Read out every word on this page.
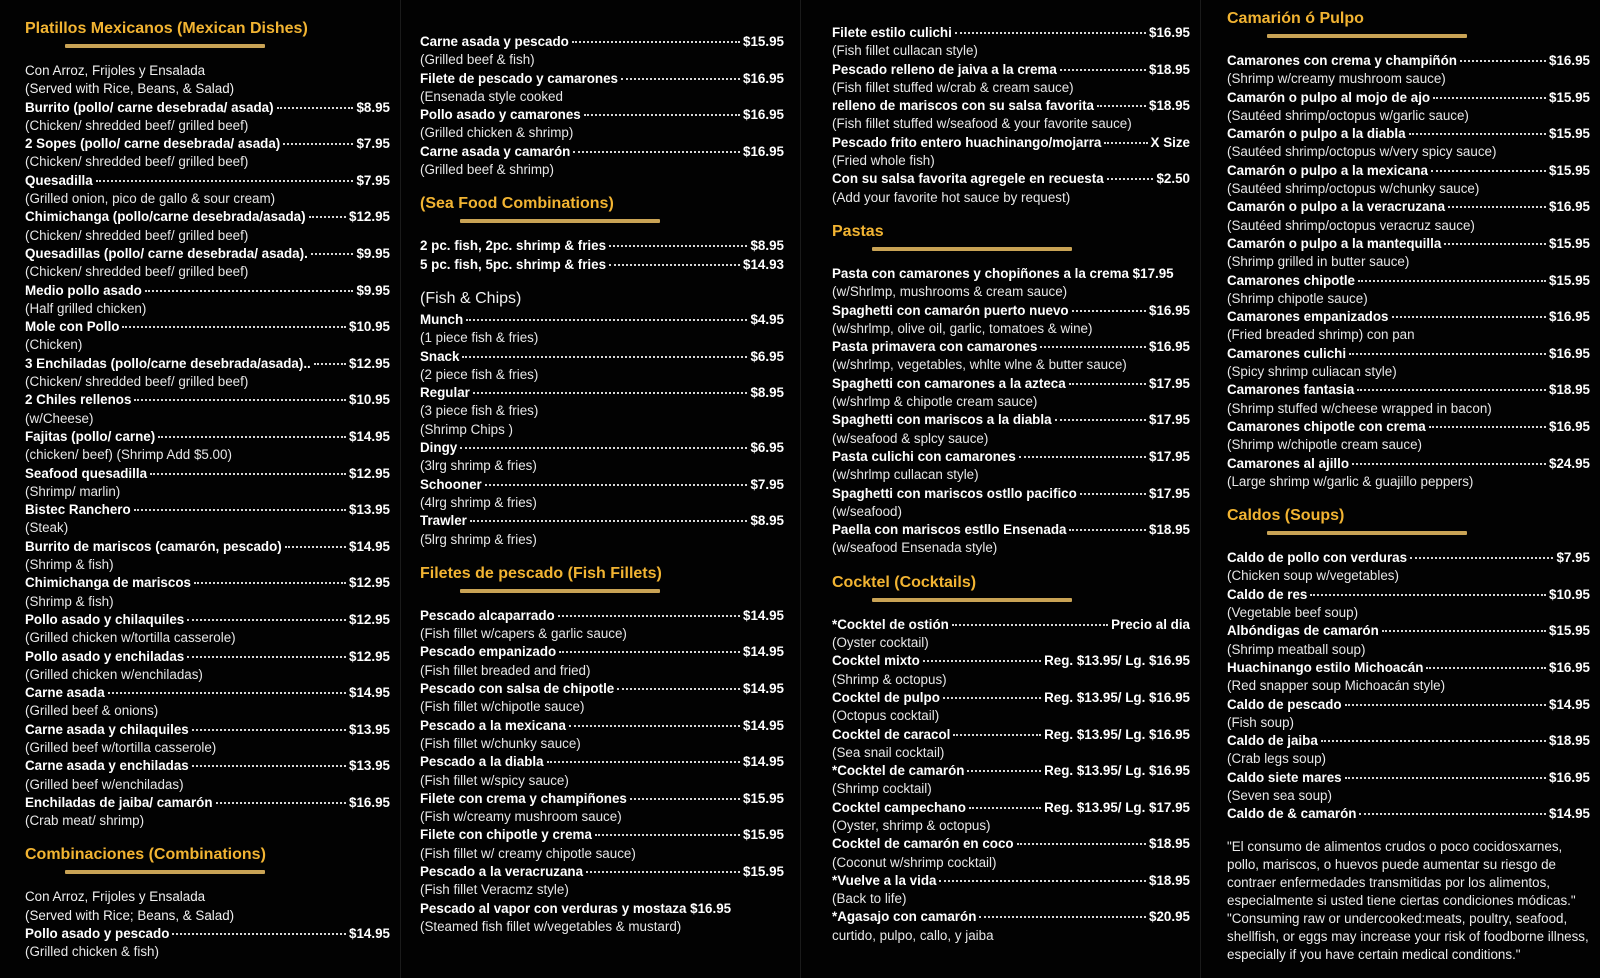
Platillos Mexicanos (Mexican Dishes)
Con Arroz, Frijoles y Ensalada
(Served with Rice, Beans, & Salad)
Burrito (pollo/ carne desebrada/ asada)	$8.95
(Chicken/ shredded beef/ grilled beef)
2 Sopes (pollo/ carne desebrada/ asada)	$7.95
(Chicken/ shredded beef/ grilled beef)
Quesadilla	$7.95
(Grilled onion, pico de gallo & sour cream)
Chimichanga (pollo/carne desebrada/asada)	$12.95
(Chicken/ shredded beef/ grilled beef)
Quesadillas (pollo/ carne desebrada/ asada).	$9.95
(Chicken/ shredded beef/ grilled beef)
Medio pollo asado	$9.95
(Half grilled chicken)
Mole con Pollo	$10.95
(Chicken)
3 Enchiladas (pollo/carne desebrada/asada)..	$12.95
(Chicken/ shredded beef/ grilled beef)
2 Chiles rellenos	$10.95
(w/Cheese)
Fajitas (pollo/ carne)	$14.95
(chicken/ beef) (Shrimp Add $5.00)
Seafood quesadilla	$12.95
(Shrimp/ marlin)
Bistec Ranchero	$13.95
(Steak)
Burrito de mariscos (camarón, pescado)	$14.95
(Shrimp & fish)
Chimichanga de mariscos	$12.95
(Shrimp & fish)
Pollo asado y chilaquiles	$12.95
(Grilled chicken w/tortilla casserole)
Pollo asado y enchiladas	$12.95
(Grilled chicken w/enchiladas)
Carne asada	$14.95
(Grilled beef & onions)
Carne asada y chilaquiles	$13.95
(Grilled beef w/tortilla casserole)
Carne asada y enchiladas	$13.95
(Grilled beef w/enchiladas)
Enchiladas de jaiba/ camarón	$16.95
(Crab meat/ shrimp)
Combinaciones (Combinations)
Con Arroz, Frijoles y Ensalada
(Served with Rice; Beans, & Salad)
Pollo asado y pescado	$14.95
(Grilled chicken & fish)
Carne asada y pescado	$15.95
(Grilled beef & fish)
Filete de pescado y camarones	$16.95
(Ensenada style cooked
Pollo asado y camarones	$16.95
(Grilled chicken & shrimp)
Carne asada y camarón	$16.95
(Grilled beef & shrimp)
(Sea Food Combinations)
2 pc. fish, 2pc. shrimp & fries	$8.95
5 pc. fish, 5pc. shrimp & fries	$14.93
(Fish & Chips)
Munch	$4.95
(1 piece fish & fries)
Snack	$6.95
(2 piece fish & fries)
Regular	$8.95
(3 piece fish & fries)
(Shrimp Chips )
Dingy	$6.95
(3lrg shrimp & fries)
Schooner	$7.95
(4lrg shrimp & fries)
Trawler	$8.95
(5lrg shrimp & fries)
Filetes de pescado (Fish Fillets)
Pescado alcaparrado	$14.95
(Fish fillet w/capers & garlic sauce)
Pescado empanizado	$14.95
(Fish fillet breaded and fried)
Pescado con salsa de chipotle	$14.95
(Fish fillet w/chipotle sauce)
Pescado a la mexicana	$14.95
(Fish fillet w/chunky sauce)
Pescado a la diabla	$14.95
(Fish fillet w/spicy sauce)
Filete con crema y champiñones	$15.95
(Fish w/creamy mushroom sauce)
Filete con chipotle y crema	$15.95
(Fish fillet w/ creamy chipotle sauce)
Pescado a la veracruzana	$15.95
(Fish fillet Veracmz style)
Pescado al vapor con verduras y mostaza $16.95
(Steamed fish fillet w/vegetables & mustard)
Filete estilo culichi	$16.95
(Fish fillet cullacan style)
Pescado relleno de jaiva a la crema	$18.95
(Fish fillet stuffed w/crab & cream sauce)
relleno de mariscos con su salsa favorita	$18.95
(Fish fillet stuffed w/seafood & your favorite sauce)
Pescado frito entero huachinango/mojarra	X Size
(Fried whole fish)
Con su salsa favorita agregele en recuesta	$2.50
(Add your favorite hot sauce by request)
Pastas
Pasta con camarones y chopiñones a la crema $17.95
(w/Shrlmp, mushrooms & cream sauce)
Spaghetti con camarón puerto nuevo	$16.95
(w/shrlmp, olive oil, garlic, tomatoes & wine)
Pasta primavera con camarones	$16.95
(w/shrlmp, vegetables, whlte wlne & butter sauce)
Spaghetti con camarones a la azteca	$17.95
(w/shrlmp & chipotle cream sauce)
Spaghetti con mariscos a la diabla	$17.95
(w/seafood & splcy sauce)
Pasta culichi con camarones	$17.95
(w/shrlmp cullacan style)
Spaghetti con mariscos ostllo pacifico	$17.95
(w/seafood)
Paella con mariscos estllo Ensenada	$18.95
(w/seafood Ensenada style)
Cocktel (Cocktails)
*Cocktel de ostión	Precio al dia
(Oyster cocktail)
Cocktel mixto	Reg. $13.95/ Lg. $16.95
(Shrimp & octopus)
Cocktel de pulpo	Reg. $13.95/ Lg. $16.95
(Octopus cocktail)
Cocktel de caracol	Reg. $13.95/ Lg. $16.95
(Sea snail cocktail)
*Cocktel de camarón	Reg. $13.95/ Lg. $16.95
(Shrimp cocktail)
Cocktel campechano	Reg. $13.95/ Lg. $17.95
(Oyster, shrimp & octopus)
Cocktel de camarón en coco	$18.95
(Coconut w/shrimp cocktail)
*Vuelve a la vida	$18.95
(Back to life)
*Agasajo con camarón	$20.95
curtido, pulpo, callo, y jaiba
Camarión ó Pulpo
Camarones con crema y champiñón	$16.95
(Shrimp w/creamy mushroom sauce)
Camarón o pulpo al mojo de ajo	$15.95
(Sautéed shrimp/octopus w/garlic sauce)
Camarón o pulpo a la diabla	$15.95
(Sautéed shrimp/octopus w/very spicy sauce)
Camarón o pulpo a la mexicana	$15.95
(Sautéed shrimp/octopus w/chunky sauce)
Camarón o pulpo a la veracruzana	$16.95
(Sautéed shrimp/octopus veracruz sauce)
Camarón o pulpo a la mantequilla	$15.95
(Shrimp grilled in butter sauce)
Camarones chipotle	$15.95
(Shrimp chipotle sauce)
Camarones empanizados	$16.95
(Fried breaded shrimp) con pan
Camarones culichi	$16.95
(Spicy shrimp culiacan style)
Camarones fantasia	$18.95
(Shrimp stuffed w/cheese wrapped in bacon)
Camarones chipotle con crema	$16.95
(Shrimp w/chipotle cream sauce)
Camarones al ajillo	$24.95
(Large shrimp w/garlic & guajillo peppers)
Caldos (Soups)
Caldo de pollo con verduras	$7.95
(Chicken soup w/vegetables)
Caldo de res	$10.95
(Vegetable beef soup)
Albóndigas de camarón	$15.95
(Shrimp meatball soup)
Huachinango estilo Michoacán	$16.95
(Red snapper soup Michoacán style)
Caldo de pescado	$14.95
(Fish soup)
Caldo de jaiba	$18.95
(Crab legs soup)
Caldo siete mares	$16.95
(Seven sea soup)
Caldo de & camarón	$14.95
"El consumo de alimentos crudos o poco cocidosxarnes, pollo, mariscos, o huevos puede aumentar su riesgo de contraer enfermedades transmitidas por los alimentos, especialmente si usted tiene ciertas condiciones módicas."
"Consuming raw or undercooked:meats, poultry, seafood, shellfish, or eggs may increase your risk of foodborne illness, especially if you have certain medical conditions."
